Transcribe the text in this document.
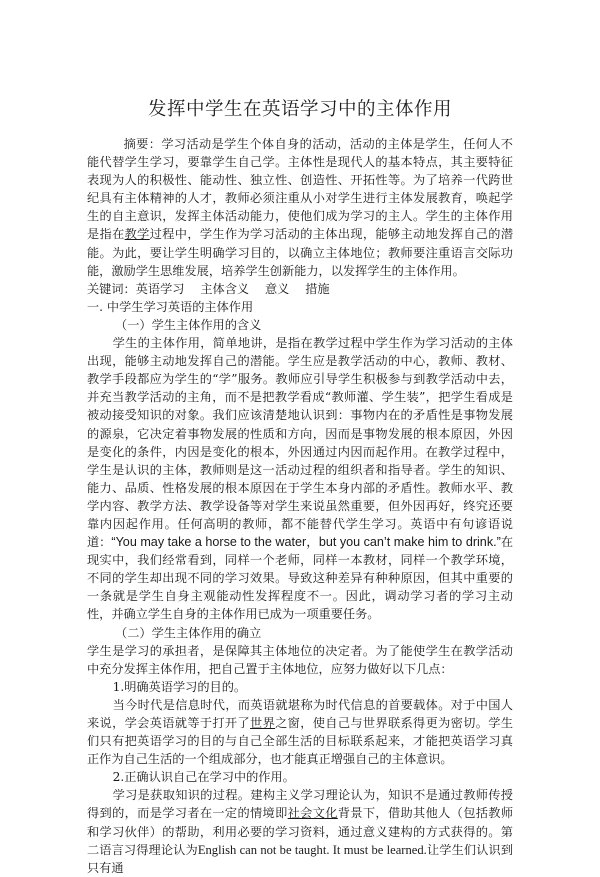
发挥中学生在英语学习中的主体作用

摘要：学习活动是学生个体自身的活动，活动的主体是学生，任何人不能代替学生学习，要靠学生自己学。主体性是现代人的基本特点，其主要特征表现为人的积极性、能动性、独立性、创造性、开拓性等。为了培养一代跨世纪具有主体精神的人才，教师必须注重从小对学生进行主体发展教育，唤起学生的自主意识，发挥主体活动能力，使他们成为学习的主人。学生的主体作用是指在教学过程中，学生作为学习活动的主体出现，能够主动地发挥自己的潜能。为此，要让学生明确学习目的，以确立主体地位；教师要注重语言交际功能，激励学生思维发展，培养学生创新能力，以发挥学生的主体作用。

关键词：英语学习 主体含义 意义 措施

一. 中学生学习英语的主体作用

（一）学生主体作用的含义

学生的主体作用，简单地讲，是指在教学过程中学生作为学习活动的主体出现，能够主动地发挥自己的潜能。学生应是教学活动的中心，教师、教材、教学手段都应为学生的“学”服务。教师应引导学生积极参与到教学活动中去，并充当教学活动的主角，而不是把教学看成“教师灌、学生装”，把学生看成是被动接受知识的对象。我们应该清楚地认识到：事物内在的矛盾性是事物发展的源泉，它决定着事物发展的性质和方向，因而是事物发展的根本原因，外因是变化的条件，内因是变化的根本，外因通过内因而起作用。在教学过程中，学生是认识的主体，教师则是这一活动过程的组织者和指导者。学生的知识、能力、品质、性格发展的根本原因在于学生本身内部的矛盾性。教师水平、教学内容、教学方法、教学设备等对学生来说虽然重要，但外因再好，终究还要靠内因起作用。任何高明的教师，都不能替代学生学习。英语中有句谚语说道：“You may take a horse to the water，but you can’t make him to drink.”在现实中，我们经常看到，同样一个老师，同样一本教材，同样一个教学环境，不同的学生却出现不同的学习效果。导致这种差异有种种原因，但其中重要的一条就是学生自身主观能动性发挥程度不一。因此，调动学习者的学习主动性，并确立学生自身的主体作用已成为一项重要任务。

（二）学生主体作用的确立

学生是学习的承担者，是保障其主体地位的决定者。为了能使学生在教学活动中充分发挥主体作用，把自己置于主体地位，应努力做好以下几点：

1.明确英语学习的目的。

当今时代是信息时代，而英语就堪称为时代信息的首要载体。对于中国人来说，学会英语就等于打开了世界之窗，使自己与世界联系得更为密切。学生们只有把英语学习的目的与自己全部生活的目标联系起来，才能把英语学习真正作为自己生活的一个组成部分，也才能真正增强自己的主体意识。

2.正确认识自己在学习中的作用。

学习是获取知识的过程。建构主义学习理论认为，知识不是通过教师传授得到的，而是学习者在一定的情境即社会文化背景下，借助其他人（包括教师和学习伙伴）的帮助，利用必要的学习资料，通过意义建构的方式获得的。第二语言习得理论认为English can not be taught. It must be learned.让学生们认识到只有通
